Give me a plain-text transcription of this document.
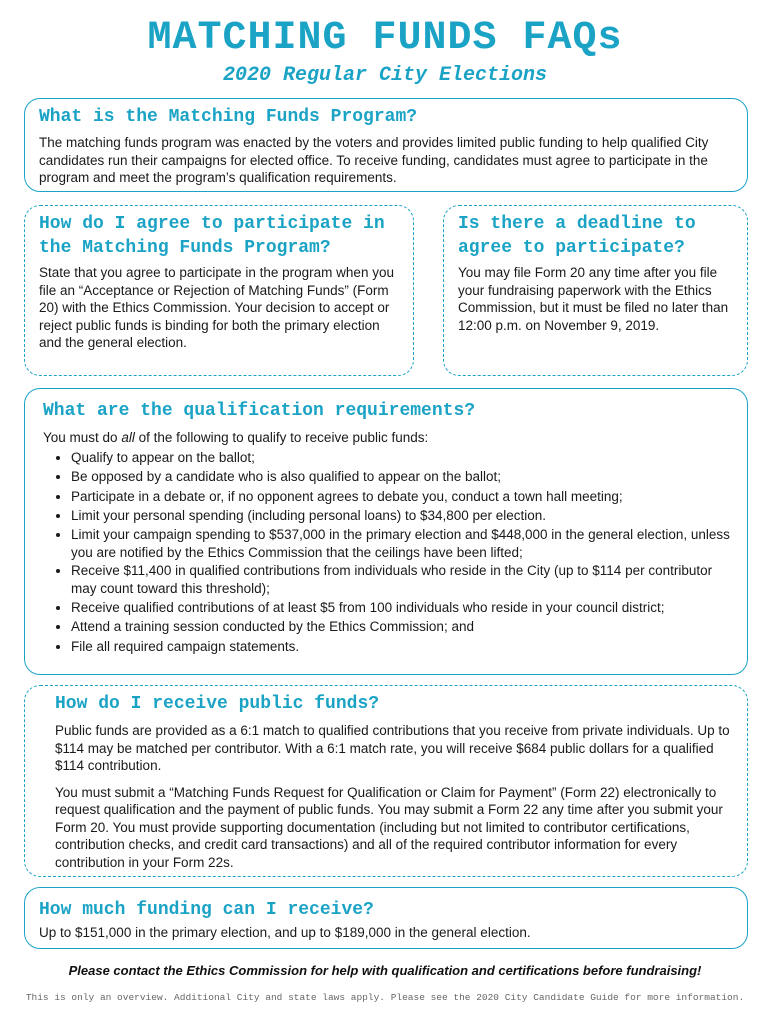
MATCHING FUNDS FAQs
2020 Regular City Elections
What is the Matching Funds Program?
The matching funds program was enacted by the voters and provides limited public funding to help qualified City candidates run their campaigns for elected office. To receive funding, candidates must agree to participate in the program and meet the program’s qualification requirements.
How do I agree to participate in
the Matching Funds Program?
State that you agree to participate in the program when you file an “Acceptance or Rejection of Matching Funds” (Form 20) with the Ethics Commission. Your decision to accept or reject public funds is binding for both the primary election and the general election.
Is there a deadline to
agree to participate?
You may file Form 20 any time after you file your fundraising paperwork with the Ethics Commission, but it must be filed no later than 12:00 p.m. on November 9, 2019.
What are the qualification requirements?
You must do all of the following to qualify to receive public funds:
• Qualify to appear on the ballot;
• Be opposed by a candidate who is also qualified to appear on the ballot;
• Participate in a debate or, if no opponent agrees to debate you, conduct a town hall meeting;
• Limit your personal spending (including personal loans) to $34,800 per election.
• Limit your campaign spending to $537,000 in the primary election and $448,000 in the general election, unless you are notified by the Ethics Commission that the ceilings have been lifted;
• Receive $11,400 in qualified contributions from individuals who reside in the City (up to $114 per contributor may count toward this threshold);
• Receive qualified contributions of at least $5 from 100 individuals who reside in your council district;
• Attend a training session conducted by the Ethics Commission; and
• File all required campaign statements.
How do I receive public funds?
Public funds are provided as a 6:1 match to qualified contributions that you receive from private individuals. Up to $114 may be matched per contributor. With a 6:1 match rate, you will receive $684 public dollars for a qualified $114 contribution.
You must submit a “Matching Funds Request for Qualification or Claim for Payment” (Form 22) electronically to request qualification and the payment of public funds. You may submit a Form 22 any time after you submit your Form 20. You must provide supporting documentation (including but not limited to contributor certifications, contribution checks, and credit card transactions) and all of the required contributor information for every contribution in your Form 22s.
How much funding can I receive?
Up to $151,000 in the primary election, and up to $189,000 in the general election.
Please contact the Ethics Commission for help with qualification and certifications before fundraising!
This is only an overview. Additional City and state laws apply. Please see the 2020 City Candidate Guide for more information.
